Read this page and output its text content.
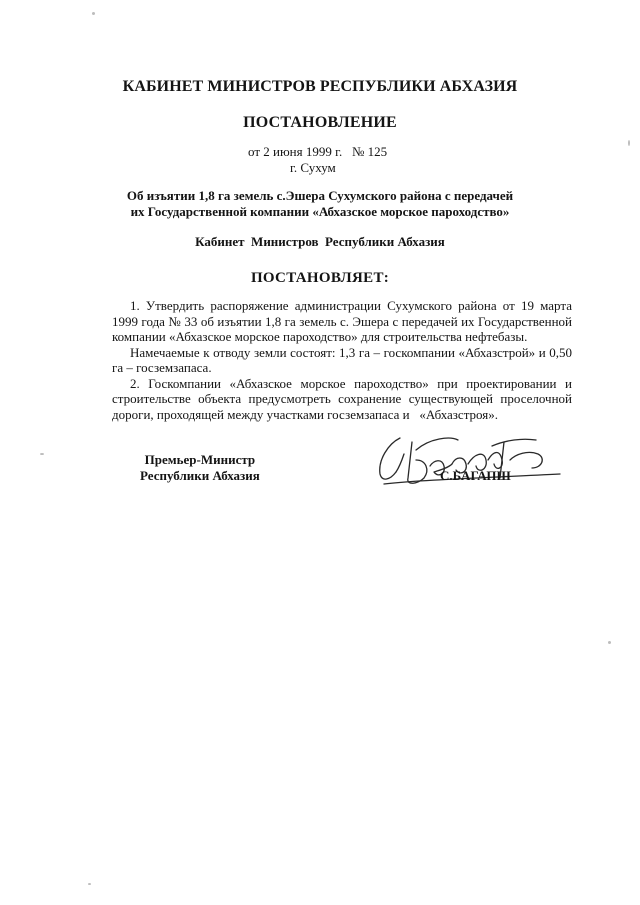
КАБИНЕТ МИНИСТРОВ РЕСПУБЛИКИ АБХАЗИЯ
ПОСТАНОВЛЕНИЕ
от 2 июня 1999 г.   № 125
г. Сухум
Об изъятии 1,8 га земель с.Эшера Сухумского района с передачей
их Государственной компании «Абхазское морское пароходство»
Кабинет  Министров  Республики Абхазия
ПОСТАНОВЛЯЕТ:

1. Утвердить распоряжение администрации Сухумского района от 19 марта 1999 года № 33 об изъятии 1,8 га земель с. Эшера с передачей их Государственной компании «Абхазское морское пароходство» для строительства нефтебазы.

Намечаемые к отводу земли состоят: 1,3 га – госкомпании «Абхазстрой» и 0,50 га – госземзапаса.

2. Госкомпании «Абхазское морское пароходство» при проектировании и строительстве объекта предусмотреть сохранение существующей проселочной дороги, проходящей между участками госземзапаса и   «Абхазстроя».

Премьер-Министр
Республики Абхазия	С.БАГАПШ
